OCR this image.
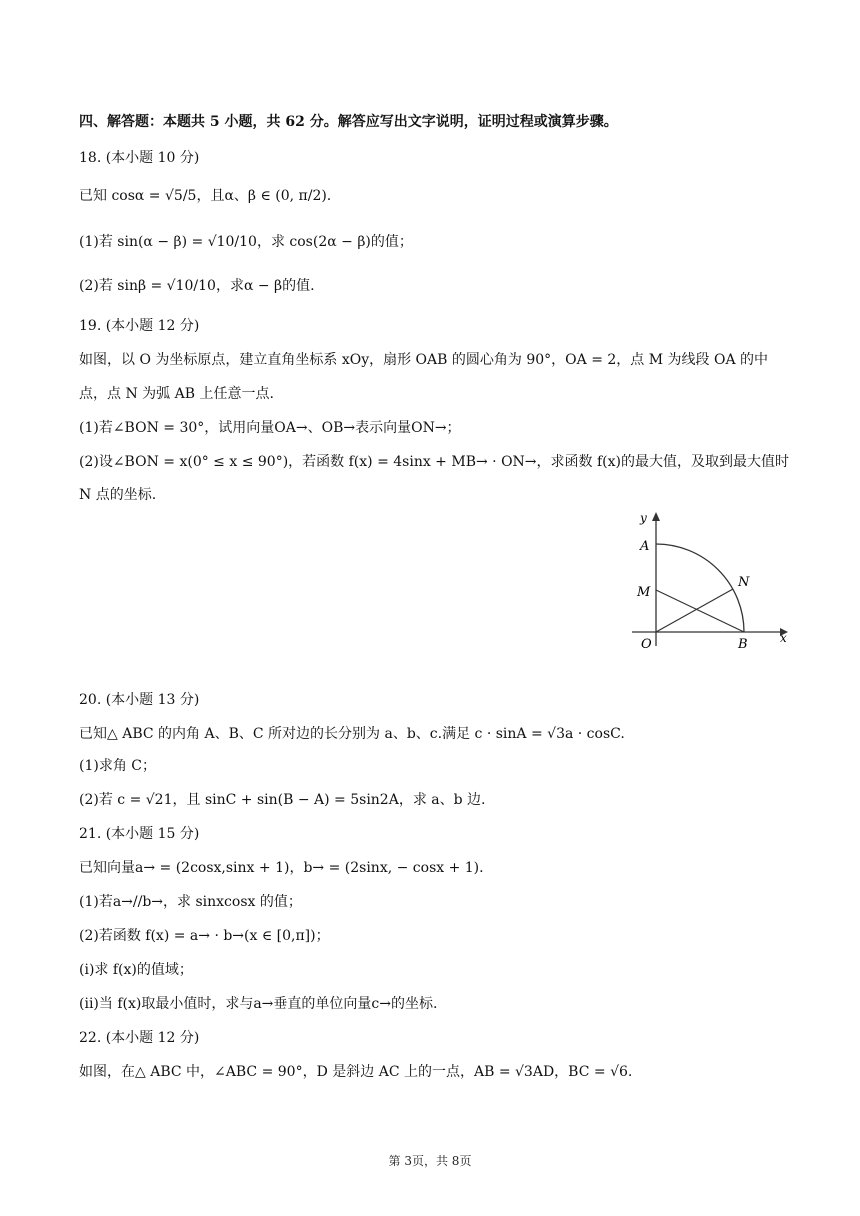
四、解答题：本题共 5 小题，共 62 分。解答应写出文字说明，证明过程或演算步骤。
18. (本小题 10 分)
已知 cosα = √5/5，且α、β ∈ (0, π/2).
(1)若 sin(α − β) = √10/10，求 cos(2α − β)的值；
(2)若 sinβ = √10/10，求α − β的值.
19. (本小题 12 分)
如图，以 O 为坐标原点，建立直角坐标系 xOy，扇形 OAB 的圆心角为 90°，OA = 2，点 M 为线段 OA 的中
点，点 N 为弧 AB 上任意一点.
(1)若∠BON = 30°，试用向量OA→、OB→表示向量ON→；
(2)设∠BON = x(0° ≤ x ≤ 90°)，若函数 f(x) = 4sinx + MB→ · ON→，求函数 f(x)的最大值，及取到最大值时
N 点的坐标.
y
x
A
M
N
O	B
20. (本小题 13 分)
已知△ ABC 的内角 A、B、C 所对边的长分别为 a、b、c.满足 c · sinA = √3a · cosC.
(1)求角 C；
(2)若 c = √21，且 sinC + sin(B − A) = 5sin2A，求 a、b 边.
21. (本小题 15 分)
已知向量a→ = (2cosx,sinx + 1)，b→ = (2sinx, − cosx + 1).
(1)若a→//b→，求 sinxcosx 的值；
(2)若函数 f(x) = a→ · b→(x ∈ [0,π])；
(i)求 f(x)的值域；
(ii)当 f(x)取最小值时，求与a→垂直的单位向量c→的坐标.
22. (本小题 12 分)
如图，在△ ABC 中，∠ABC = 90°，D 是斜边 AC 上的一点，AB = √3AD，BC = √6.
第 3页，共 8页
